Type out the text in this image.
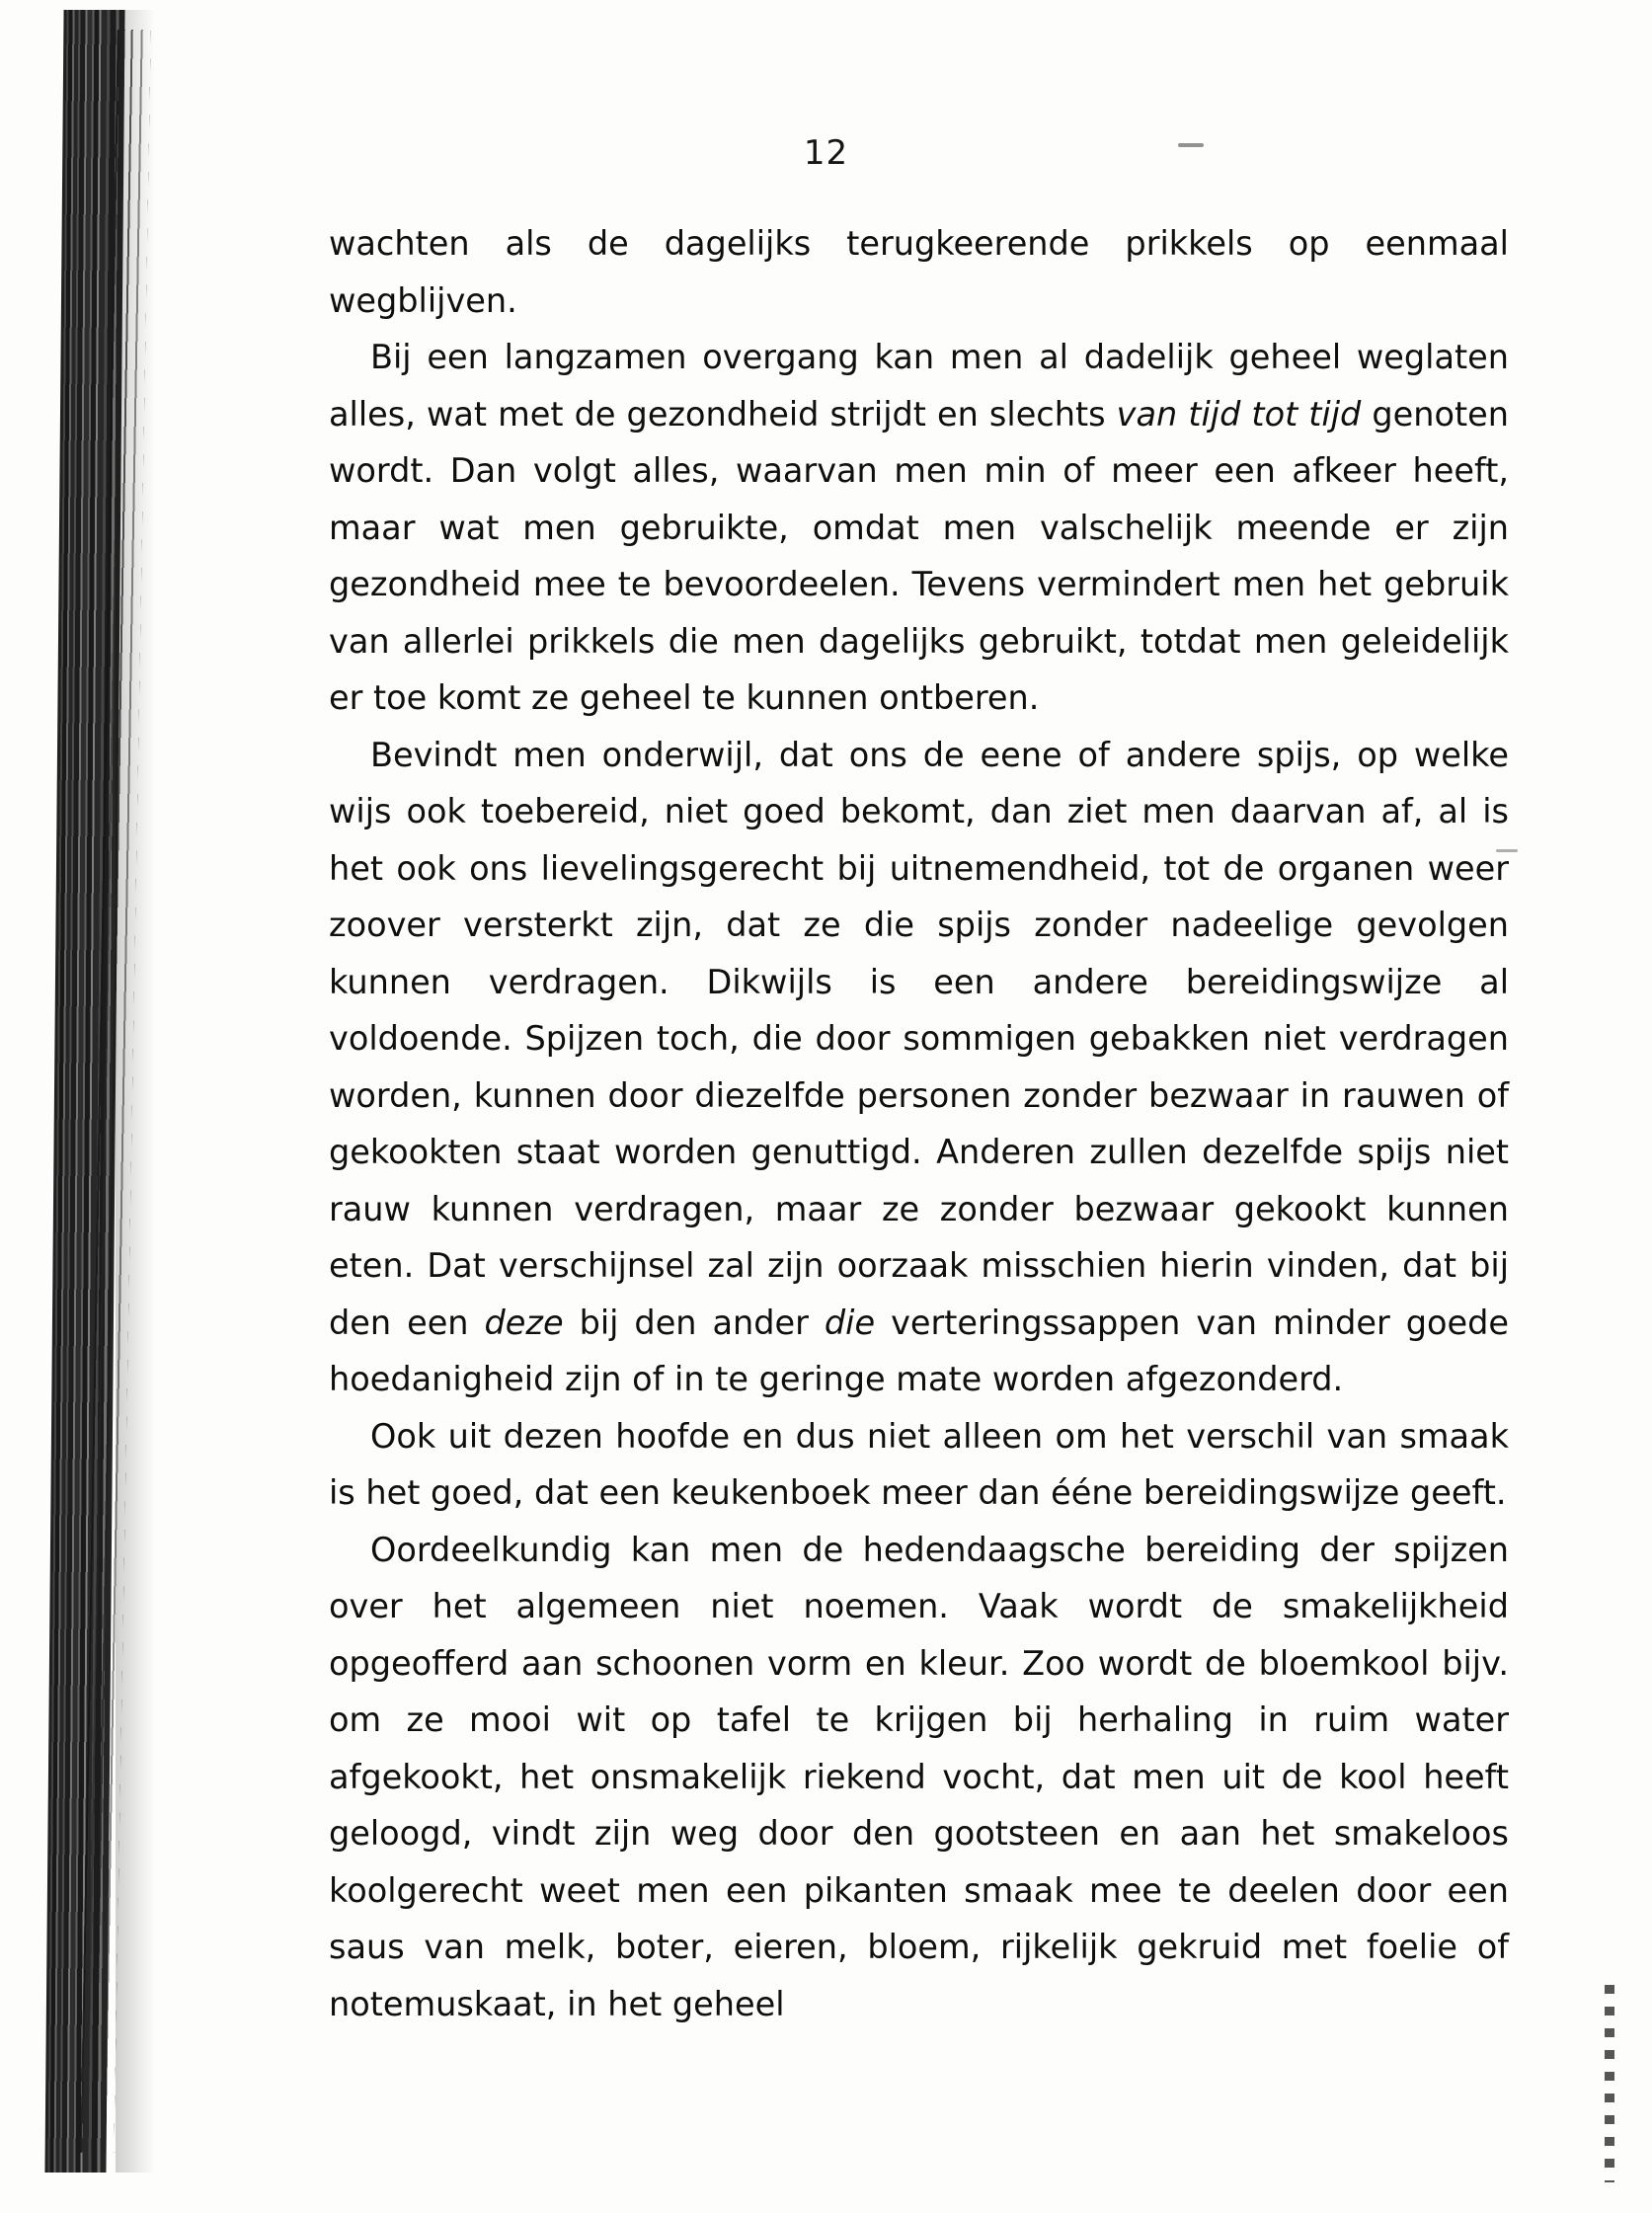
12

wachten als de dagelijks terugkeerende prikkels op eenmaal wegblijven.

Bij een langzamen overgang kan men al dadelijk geheel weglaten alles, wat met de gezondheid strijdt en slechts van tijd tot tijd genoten wordt. Dan volgt alles, waarvan men min of meer een afkeer heeft, maar wat men gebruikte, omdat men valschelijk meende er zijn gezondheid mee te bevoordeelen. Tevens vermindert men het gebruik van allerlei prikkels die men dagelijks gebruikt, totdat men geleidelijk er toe komt ze geheel te kunnen ontberen.

Bevindt men onderwijl, dat ons de eene of andere spijs, op welke wijs ook toebereid, niet goed bekomt, dan ziet men daarvan af, al is het ook ons lievelingsgerecht bij uitnemendheid, tot de organen weer zoover versterkt zijn, dat ze die spijs zonder nadeelige gevolgen kunnen verdragen. Dikwijls is een andere bereidingswijze al voldoende. Spijzen toch, die door sommigen gebakken niet verdragen worden, kunnen door diezelfde personen zonder bezwaar in rauwen of gekookten staat worden genuttigd. Anderen zullen dezelfde spijs niet rauw kunnen verdragen, maar ze zonder bezwaar gekookt kunnen eten. Dat verschijnsel zal zijn oorzaak misschien hierin vinden, dat bij den een deze bij den ander die verteringssappen van minder goede hoedanigheid zijn of in te geringe mate worden afgezonderd.

Ook uit dezen hoofde en dus niet alleen om het verschil van smaak is het goed, dat een keukenboek meer dan ééne bereidingswijze geeft.

Oordeelkundig kan men de hedendaagsche bereiding der spijzen over het algemeen niet noemen. Vaak wordt de smakelijkheid opgeofferd aan schoonen vorm en kleur. Zoo wordt de bloemkool bijv. om ze mooi wit op tafel te krijgen bij herhaling in ruim water afgekookt, het onsmakelijk riekend vocht, dat men uit de kool heeft geloogd, vindt zijn weg door den gootsteen en aan het smakeloos koolgerecht weet men een pikanten smaak mee te deelen door een saus van melk, boter, eieren, bloem, rijkelijk gekruid met foelie of notemuskaat, in het geheel
